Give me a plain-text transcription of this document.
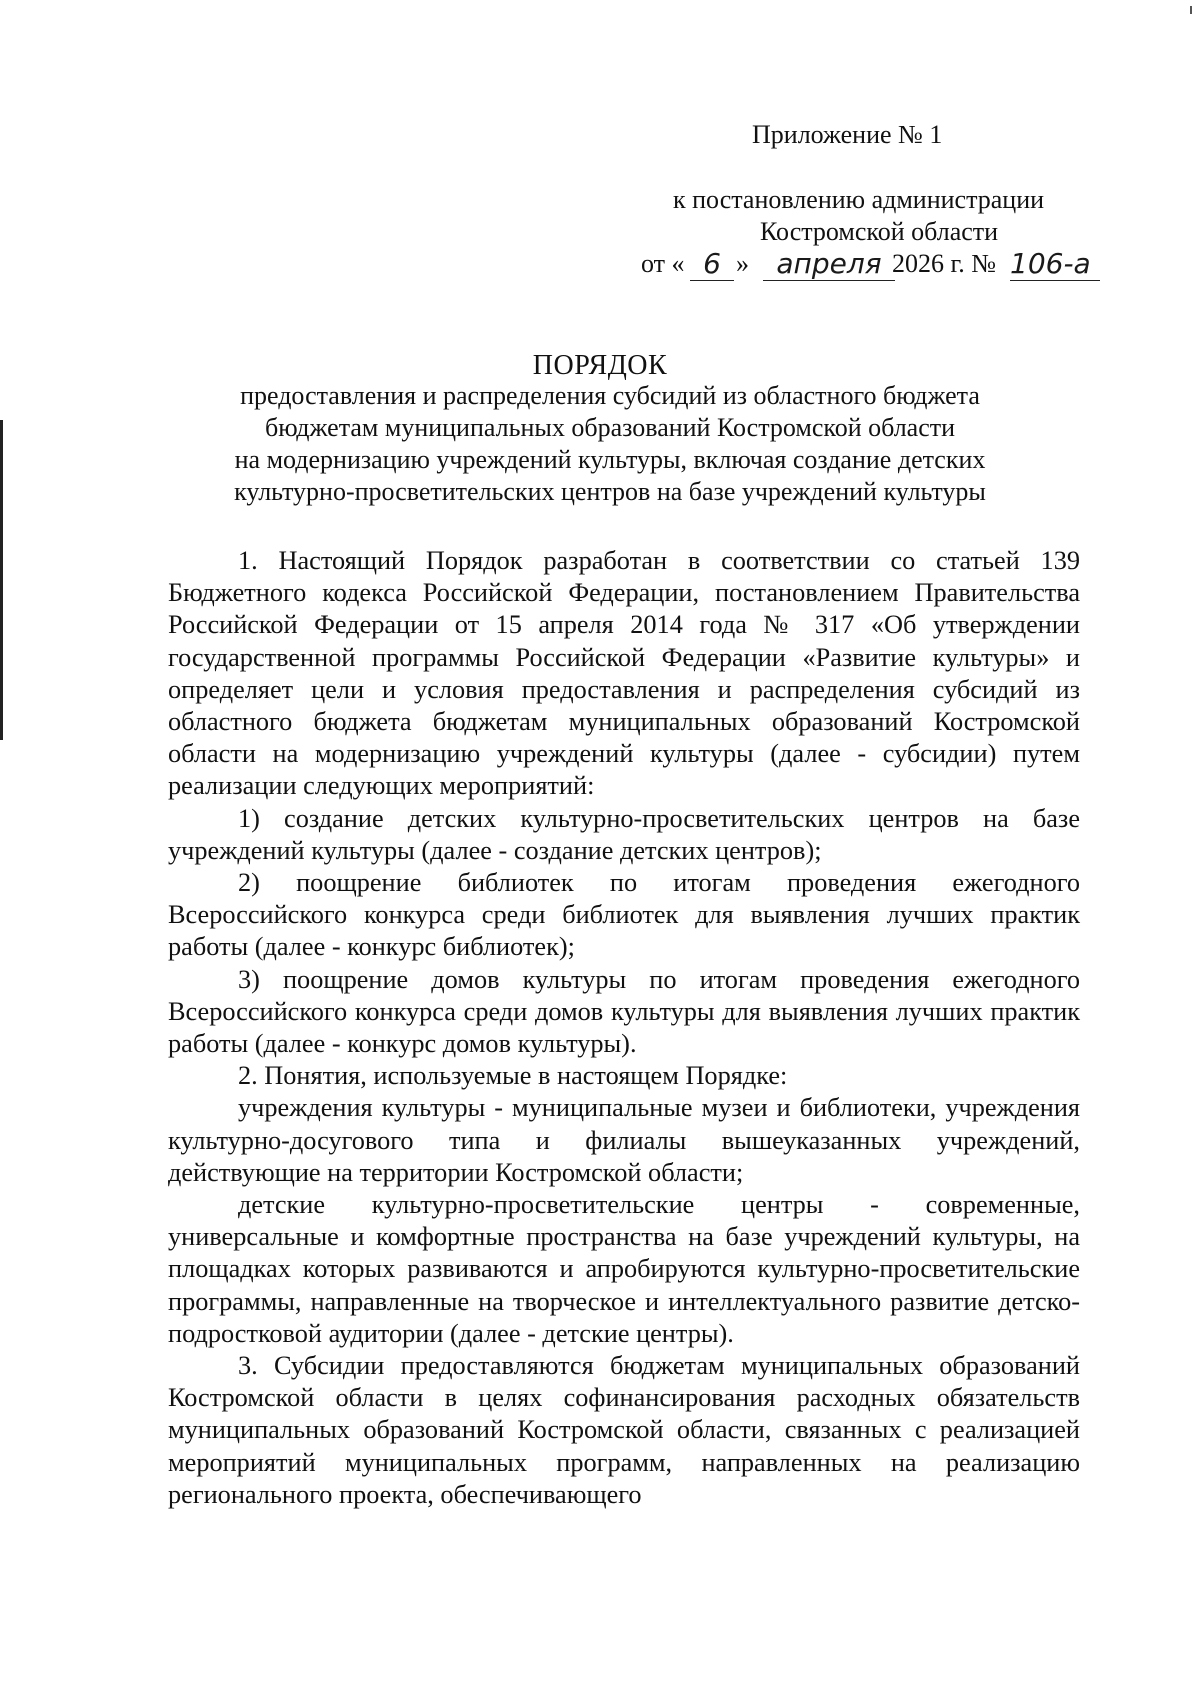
Приложение № 1
к постановлению администрации
Костромской области
от « 6 » апреля 2026 г. № 106-а
ПОРЯДОК
предоставления и распределения субсидий из областного бюджета
бюджетам муниципальных образований Костромской области
на модернизацию учреждений культуры, включая создание детских
культурно-просветительских центров на базе учреждений культуры

1. Настоящий Порядок разработан в соответствии со статьей 139 Бюджетного кодекса Российской Федерации, постановлением Правительства Российской Федерации от 15 апреля 2014 года № 317 «Об утверждении государственной программы Российской Федерации «Развитие культуры» и определяет цели и условия предоставления и распределения субсидий из областного бюджета бюджетам муниципальных образований Костромской области на модернизацию учреждений культуры (далее - субсидии) путем реализации следующих мероприятий:

1) создание детских культурно-просветительских центров на базе учреждений культуры (далее - создание детских центров);

2) поощрение библиотек по итогам проведения ежегодного Всероссийского конкурса среди библиотек для выявления лучших практик работы (далее - конкурс библиотек);

3) поощрение домов культуры по итогам проведения ежегодного Всероссийского конкурса среди домов культуры для выявления лучших практик работы (далее - конкурс домов культуры).

2. Понятия, используемые в настоящем Порядке:

учреждения культуры - муниципальные музеи и библиотеки, учреждения культурно-досугового типа и филиалы вышеуказанных учреждений, действующие на территории Костромской области;

детские культурно-просветительские центры - современные, универсальные и комфортные пространства на базе учреждений культуры, на площадках которых развиваются и апробируются культурно-просветительские программы, направленные на творческое и интеллектуального развитие детско-подростковой аудитории (далее - детские центры).

3. Субсидии предоставляются бюджетам муниципальных образований Костромской области в целях софинансирования расходных обязательств муниципальных образований Костромской области, связанных с реализацией мероприятий муниципальных программ, направленных на реализацию регионального проекта, обеспечивающего
